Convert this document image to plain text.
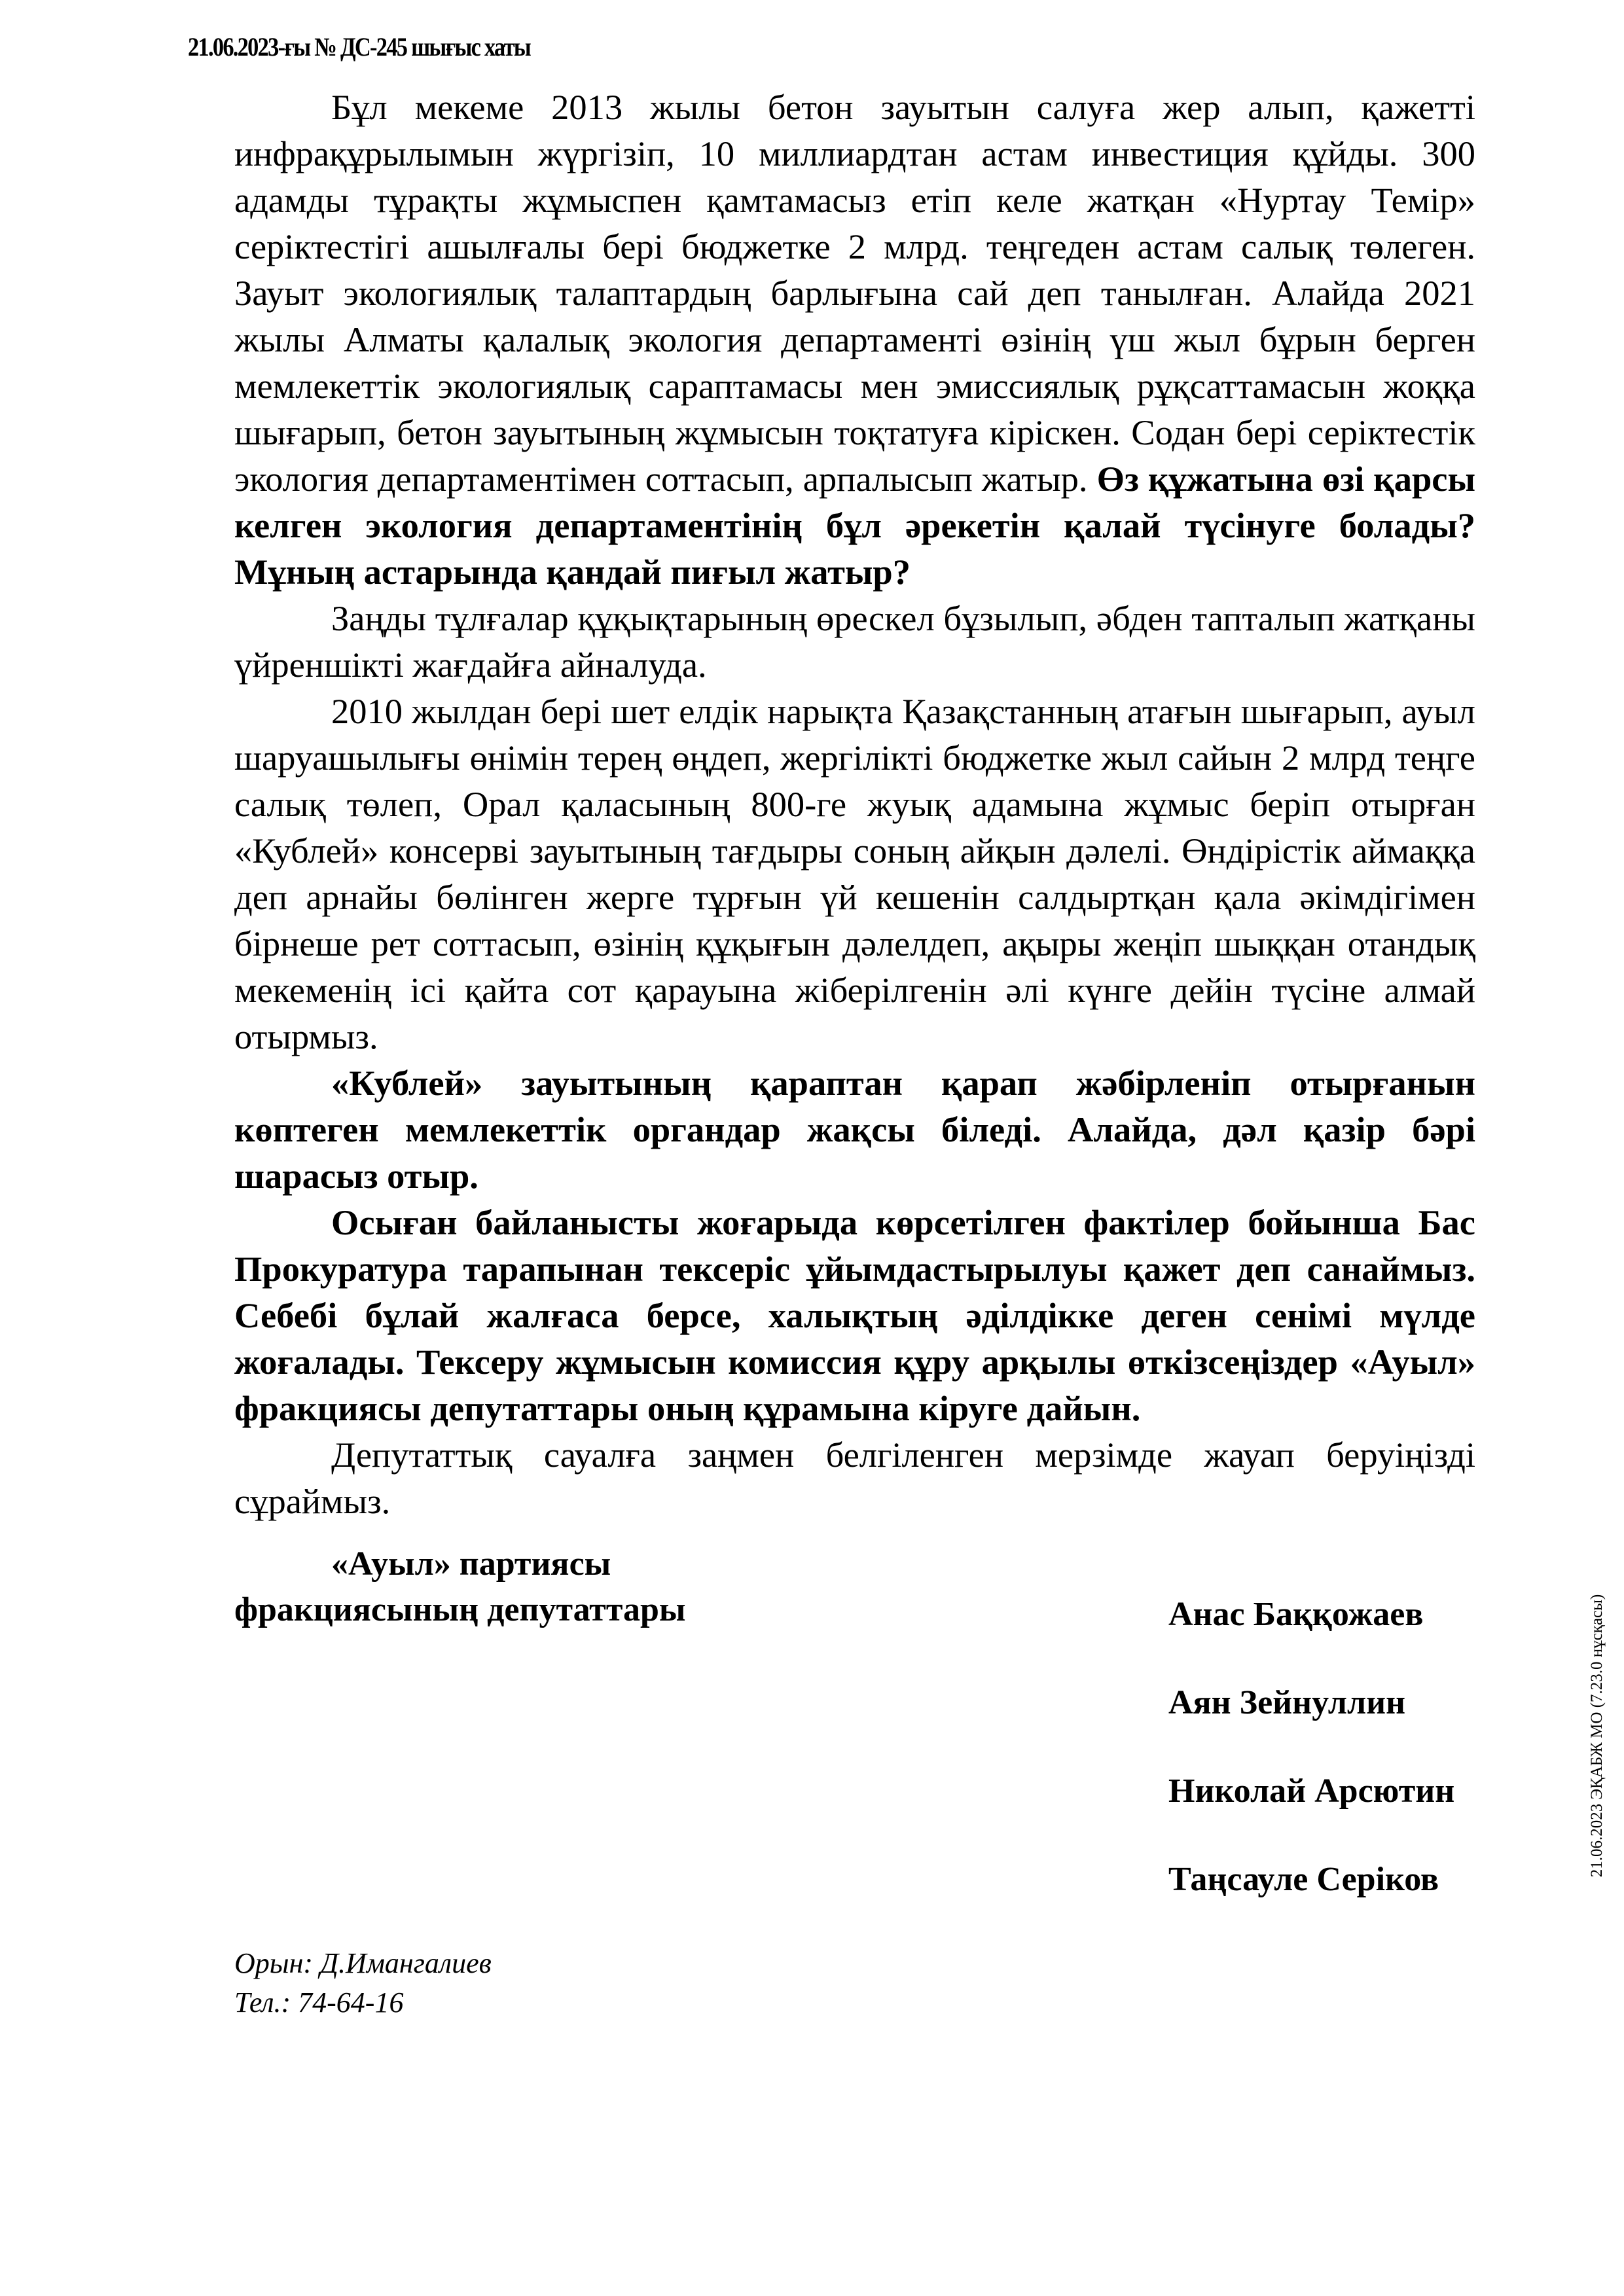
21.06.2023-ғы № ДС-245 шығыс хаты

Бұл мекеме 2013 жылы бетон зауытын салуға жер алып, қажетті инфрақұрылымын жүргізіп, 10 миллиардтан астам инвестиция құйды. 300 адамды тұрақты жұмыспен қамтамасыз етіп келе жатқан «Нуртау Темір» серіктестігі ашылғалы бері бюджетке 2 млрд. теңгеден астам салық төлеген. Зауыт экологиялық талаптардың барлығына сай деп танылған. Алайда 2021 жылы Алматы қалалық экология департаменті өзінің үш жыл бұрын берген мемлекеттік экологиялық сараптамасы мен эмиссиялық рұқсаттамасын жоққа шығарып, бетон зауытының жұмысын тоқтатуға кіріскен. Содан бері серіктестік экология департаментімен соттасып, арпалысып жатыр. Өз құжатына өзі қарсы келген экология департаментінің бұл әрекетін қалай түсінуге болады? Мұның астарында қандай пиғыл жатыр?

Заңды тұлғалар құқықтарының өрескел бұзылып, әбден тапталып жатқаны үйреншікті жағдайға айналуда.

2010 жылдан бері шет елдік нарықта Қазақстанның атағын шығарып, ауыл шаруашылығы өнімін терең өңдеп, жергілікті бюджетке жыл сайын 2 млрд теңге салық төлеп, Орал қаласының 800-ге жуық адамына жұмыс беріп отырған «Кублей» консерві зауытының тағдыры соның айқын дәлелі. Өндірістік аймаққа деп арнайы бөлінген жерге тұрғын үй кешенін салдыртқан қала әкімдігімен бірнеше рет соттасып, өзінің құқығын дәлелдеп, ақыры жеңіп шыққан отандық мекеменің ісі қайта сот қарауына жіберілгенін әлі күнге дейін түсіне алмай отырмыз.

«Кублей» зауытының қараптан қарап жәбірленіп отырғанын көптеген мемлекеттік органдар жақсы біледі. Алайда, дәл қазір бәрі шарасыз отыр.

Осыған байланысты жоғарыда көрсетілген фактілер бойынша Бас Прокуратура тарапынан тексеріс ұйымдастырылуы қажет деп санаймыз. Себебі бұлай жалғаса берсе, халықтың әділдікке деген сенімі мүлде жоғалады. Тексеру жұмысын комиссия құру арқылы өткізсеңіздер «Ауыл» фракциясы депутаттары оның құрамына кіруге дайын.

Депутаттық сауалға заңмен белгіленген мерзімде жауап беруіңізді сұраймыз.

«Ауыл» партиясы
фракциясының депутаттары	Анас Баққожаев
Аян Зейнуллин
Николай Арсютин
Таңсауле Серіков
Орын: Д.Имангалиев
Тел.: 74-64-16
21.06.2023 ЭҚАБЖ МО (7.23.0 нұсқасы)
